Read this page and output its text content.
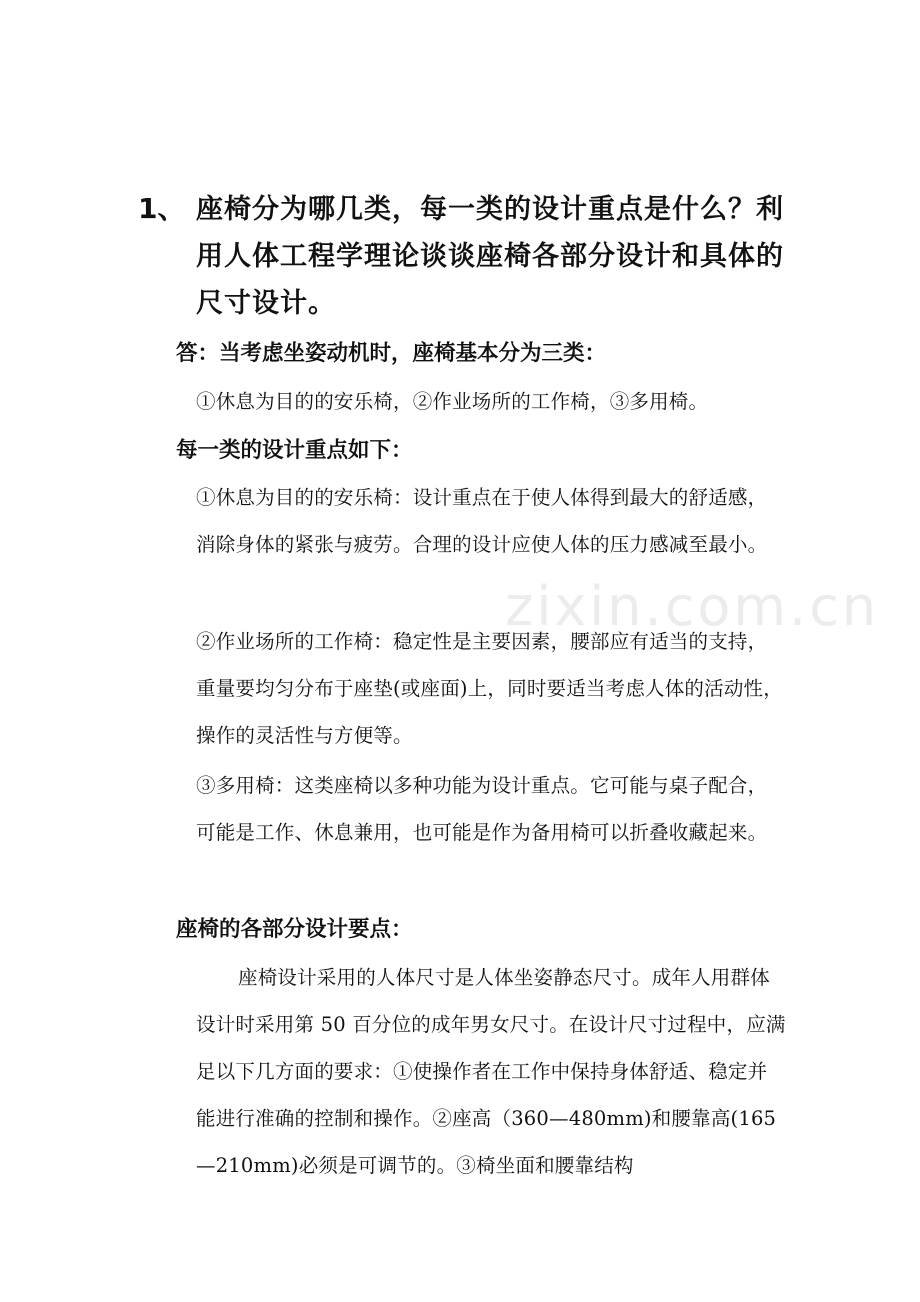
zixin.com.cn
1、 座椅分为哪几类，每一类的设计重点是什么？利用人体工程学理论谈谈座椅各部分设计和具体的尺寸设计。
答：当考虑坐姿动机时，座椅基本分为三类：
①休息为目的的安乐椅，②作业场所的工作椅，③多用椅。
每一类的设计重点如下：
①休息为目的的安乐椅：设计重点在于使人体得到最大的舒适感，消除身体的紧张与疲劳。合理的设计应使人体的压力感减至最小。
②作业场所的工作椅：稳定性是主要因素，腰部应有适当的支持，重量要均匀分布于座垫(或座面)上，同时要适当考虑人体的活动性，操作的灵活性与方便等。
③多用椅：这类座椅以多种功能为设计重点。它可能与桌子配合，可能是工作、休息兼用，也可能是作为备用椅可以折叠收藏起来。
座椅的各部分设计要点：
座椅设计采用的人体尺寸是人体坐姿静态尺寸。成年人用群体设计时采用第 50 百分位的成年男女尺寸。在设计尺寸过程中，应满足以下几方面的要求：①使操作者在工作中保持身体舒适、稳定并能进行准确的控制和操作。②座高（360—480mm)和腰靠高(165 —210mm)必须是可调节的。③椅坐面和腰靠结构
